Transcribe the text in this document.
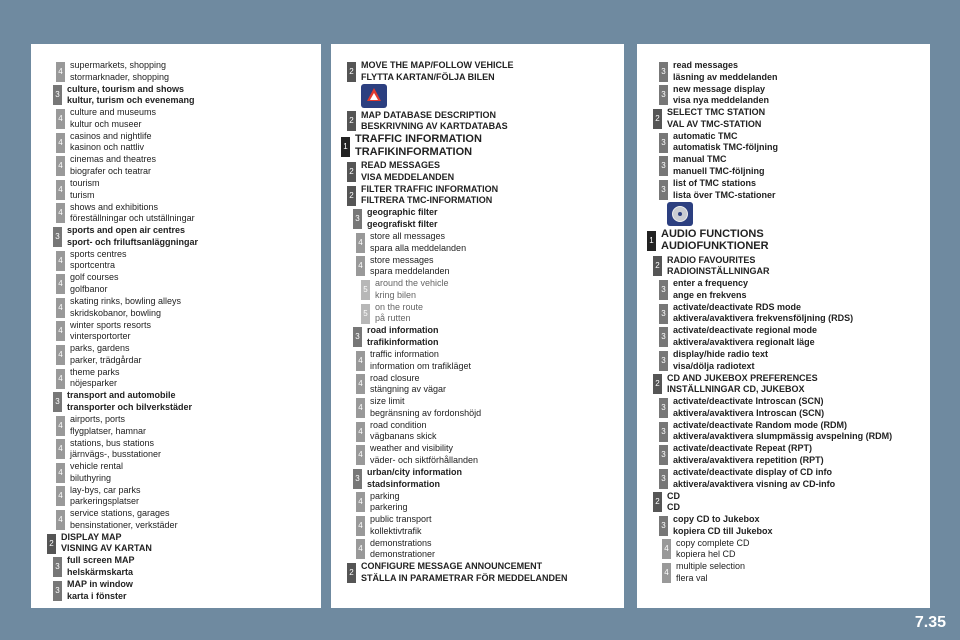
4
supermarkets, shopping
stormarknader, shopping
3
culture, tourism and shows
kultur, turism och evenemang
4
culture and museums
kultur och museer
4
casinos and nightlife
kasinon och nattliv
4
cinemas and theatres
biografer och teatrar
4
tourism
turism
4
shows and exhibitions
föreställningar och utställningar
3
sports and open air centres
sport- och friluftsanläggningar
4
sports centres
sportcentra
4
golf courses
golfbanor
4
skating rinks, bowling alleys
skridskobanor, bowling
4
winter sports resorts
vintersportorter
4
parks, gardens
parker, trädgårdar
4
theme parks
nöjesparker
3
transport and automobile
transporter och bilverkstäder
4
airports, ports
flygplatser, hamnar
4
stations, bus stations
järnvägs-, busstationer
4
vehicle rental
biluthyring
4
lay-bys, car parks
parkeringsplatser
4
service stations, garages
bensinstationer, verkstäder
2
DISPLAY MAP
VISNING AV KARTAN
3
full screen MAP
helskärmskarta
3
MAP in window
karta i fönster
2
MOVE THE MAP/FOLLOW VEHICLE
FLYTTA KARTAN/FÖLJA BILEN
2
MAP DATABASE DESCRIPTION
BESKRIVNING AV KARTDATABAS
1
TRAFFIC INFORMATION
TRAFIKINFORMATION
2
READ MESSAGES
VISA MEDDELANDEN
2
FILTER TRAFFIC INFORMATION
FILTRERA TMC-INFORMATION
3
geographic filter
geografiskt filter
4
store all messages
spara alla meddelanden
4
store messages
spara meddelanden
5
around the vehicle
kring bilen
5
on the route
på rutten
3
road information
trafikinformation
4
traffic information
information om trafikläget
4
road closure
stängning av vägar
4
size limit
begränsning av fordonshöjd
4
road condition
vägbanans skick
4
weather and visibility
väder- och siktförhållanden
3
urban/city information
stadsinformation
4
parking
parkering
4
public transport
kollektivtrafik
4
demonstrations
demonstrationer
2
CONFIGURE MESSAGE ANNOUNCEMENT
STÄLLA IN PARAMETRAR FÖR MEDDELANDEN
3
read messages
läsning av meddelanden
3
new message display
visa nya meddelanden
2
SELECT TMC STATION
VAL AV TMC-STATION
3
automatic TMC
automatisk TMC-följning
3
manual TMC
manuell TMC-följning
3
list of TMC stations
lista över TMC-stationer
1
AUDIO FUNCTIONS
AUDIOFUNKTIONER
2
RADIO FAVOURITES
RADIOINSTÄLLNINGAR
3
enter a frequency
ange en frekvens
3
activate/deactivate RDS mode
aktivera/avaktivera frekvensföljning (RDS)
3
activate/deactivate regional mode
aktivera/avaktivera regionalt läge
3
display/hide radio text
visa/dölja radiotext
2
CD AND JUKEBOX PREFERENCES
INSTÄLLNINGAR CD, JUKEBOX
3
activate/deactivate Introscan (SCN)
aktivera/avaktivera Introscan (SCN)
3
activate/deactivate Random mode (RDM)
aktivera/avaktivera slumpmässig avspelning (RDM)
3
activate/deactivate Repeat (RPT)
aktivera/avaktivera repetition (RPT)
3
activate/deactivate display of CD info
aktivera/avaktivera visning av CD-info
2
CD
CD
3
copy CD to Jukebox
kopiera CD till Jukebox
4
copy complete CD
kopiera hel CD
4
multiple selection
flera val
7.35
